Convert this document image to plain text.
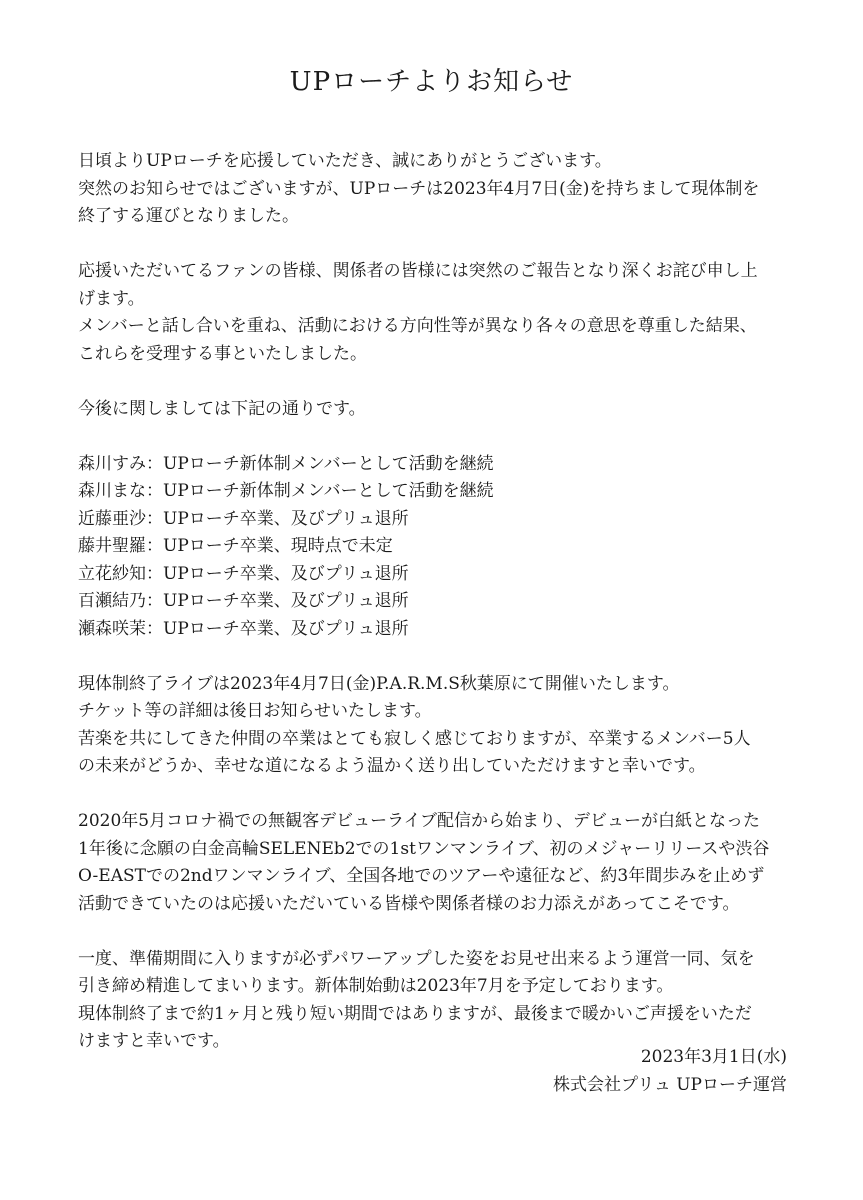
UPローチよりお知らせ

日頃よりUPローチを応援していただき、誠にありがとうございます。
突然のお知らせではございますが、UPローチは2023年4月7日(金)を持ちまして現体制を
終了する運びとなりました。

応援いただいてるファンの皆様、関係者の皆様には突然のご報告となり深くお詫び申し上
げます。
メンバーと話し合いを重ね、活動における方向性等が異なり各々の意思を尊重した結果、
これらを受理する事といたしました。

今後に関しましては下記の通りです。

森川すみ：UPローチ新体制メンバーとして活動を継続
森川まな：UPローチ新体制メンバーとして活動を継続
近藤亜沙：UPローチ卒業、及びプリュ退所
藤井聖羅：UPローチ卒業、現時点で未定
立花紗知：UPローチ卒業、及びプリュ退所
百瀬結乃：UPローチ卒業、及びプリュ退所
瀬森咲茉：UPローチ卒業、及びプリュ退所

現体制終了ライブは2023年4月7日(金)P.A.R.M.S秋葉原にて開催いたします。
チケット等の詳細は後日お知らせいたします。
苦楽を共にしてきた仲間の卒業はとても寂しく感じておりますが、卒業するメンバー5人
の未来がどうか、幸せな道になるよう温かく送り出していただけますと幸いです。

2020年5月コロナ禍での無観客デビューライブ配信から始まり、デビューが白紙となった
1年後に念願の白金高輪SELENEb2での1stワンマンライブ、初のメジャーリリースや渋谷
O-EASTでの2ndワンマンライブ、全国各地でのツアーや遠征など、約3年間歩みを止めず
活動できていたのは応援いただいている皆様や関係者様のお力添えがあってこそです。

一度、準備期間に入りますが必ずパワーアップした姿をお見せ出来るよう運営一同、気を
引き締め精進してまいります。新体制始動は2023年7月を予定しております。
現体制終了まで約1ヶ月と残り短い期間ではありますが、最後まで暖かいご声援をいただ
けますと幸いです。

2023年3月1日(水)
株式会社プリュ UPローチ運営
